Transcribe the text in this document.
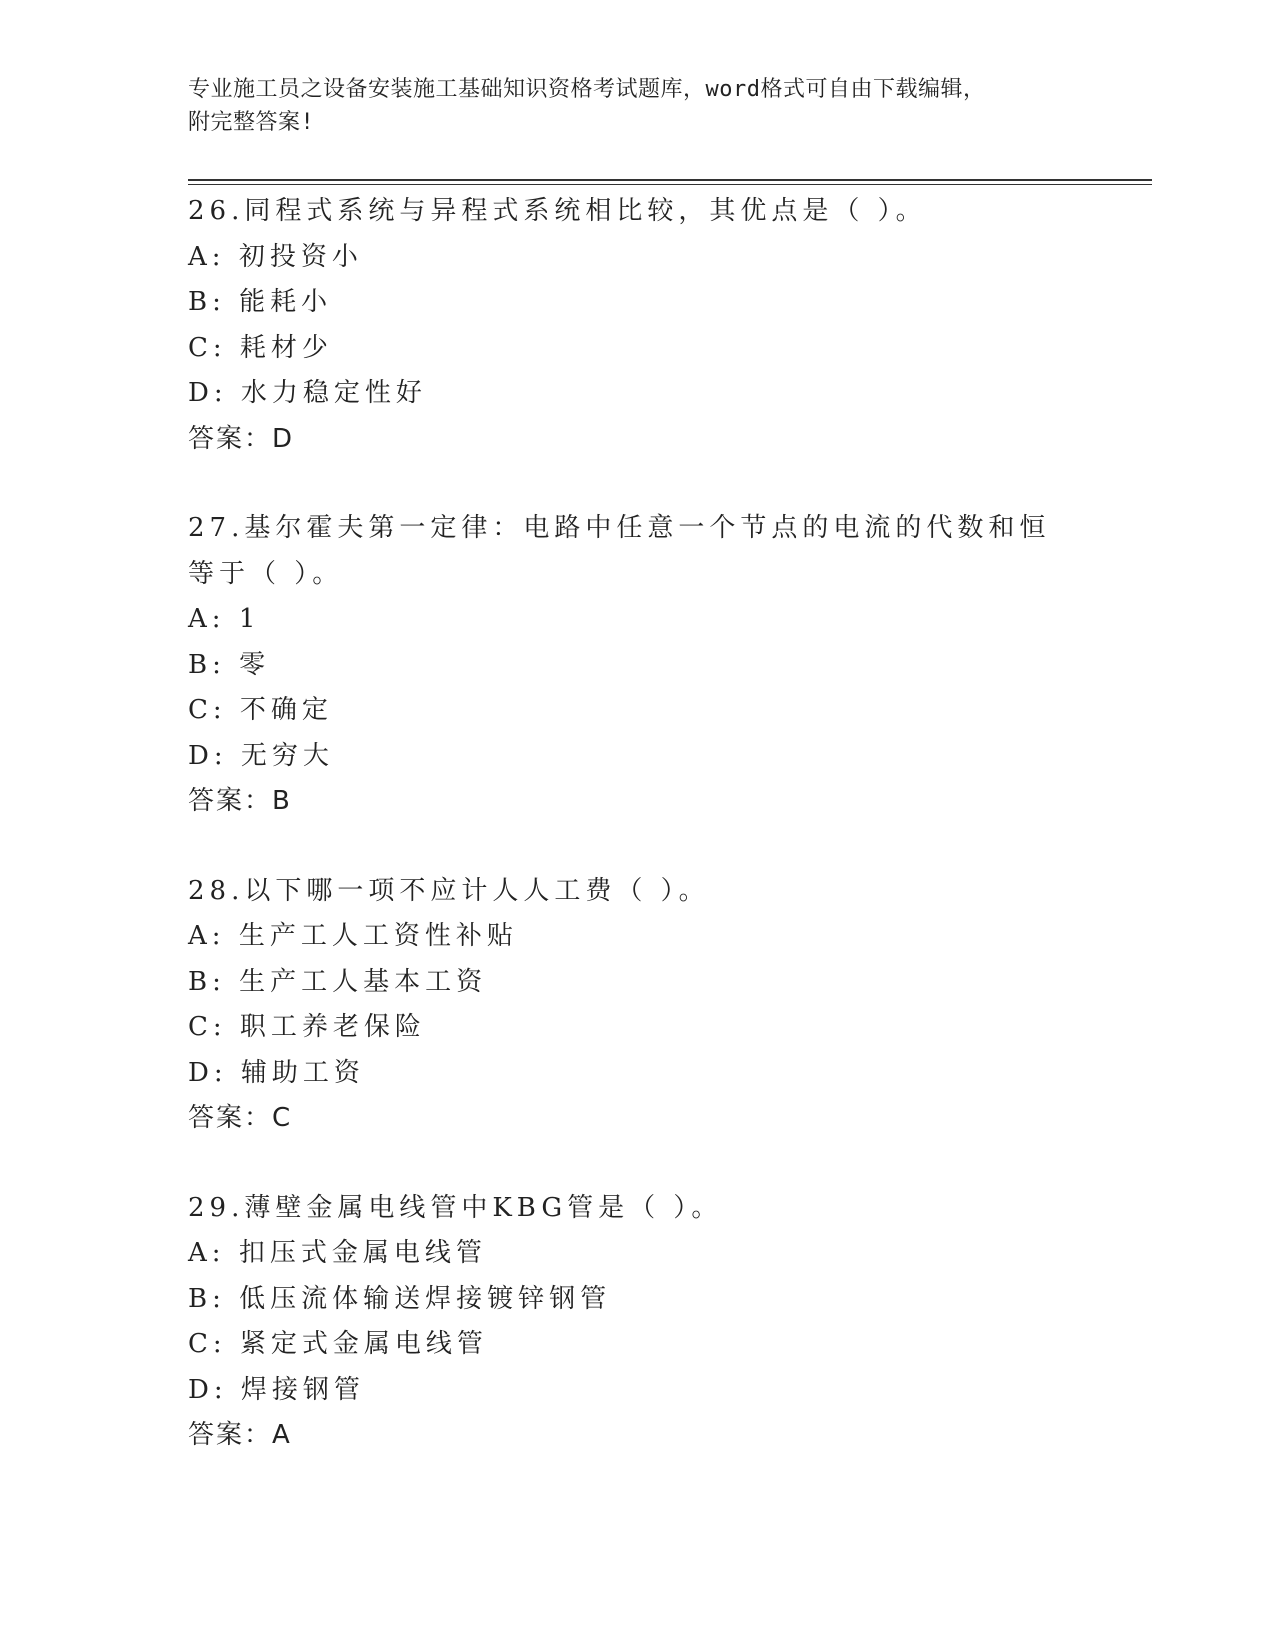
专业施工员之设备安装施工基础知识资格考试题库，word格式可自由下载编辑，
附完整答案!
26.同程式系统与异程式系统相比较，其优点是（ ）。
A: 初投资小
B: 能耗小
C: 耗材少
D: 水力稳定性好
答案：D
27.基尔霍夫第一定律：电路中任意一个节点的电流的代数和恒等于（ ）。
A: 1
B: 零
C: 不确定
D: 无穷大
答案：B
28.以下哪一项不应计人人工费（ ）。
A: 生产工人工资性补贴
B: 生产工人基本工资
C: 职工养老保险
D: 辅助工资
答案：C
29.薄壁金属电线管中KBG管是（ ）。
A: 扣压式金属电线管
B: 低压流体输送焊接镀锌钢管
C: 紧定式金属电线管
D: 焊接钢管
答案：A
